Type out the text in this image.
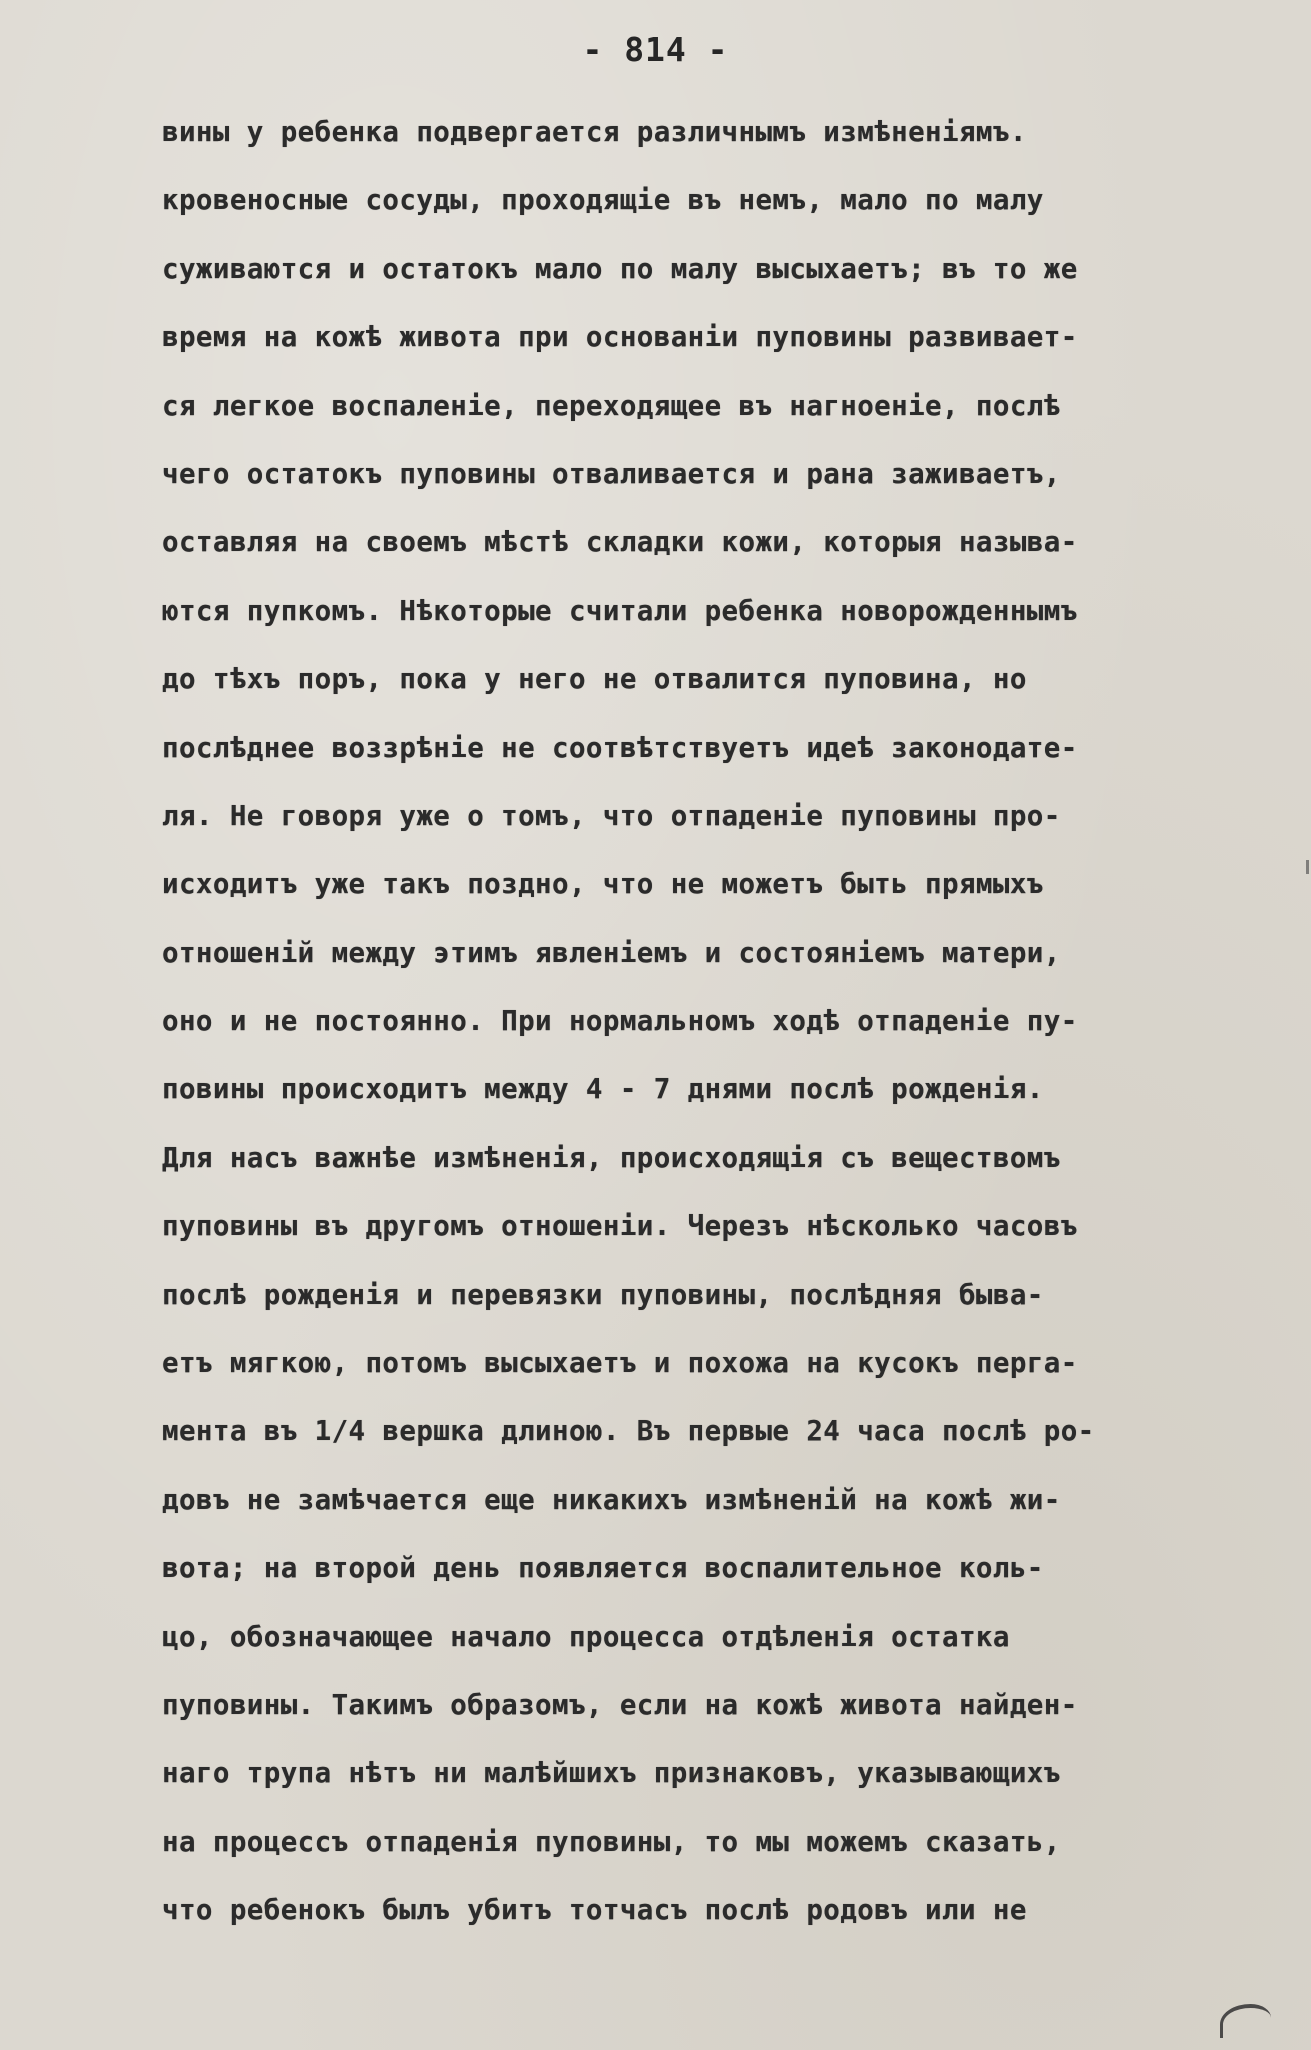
- 814 -
вины у ребенка подвергается различнымъ измѣненiямъ.
кровеносные сосуды, проходящiе въ немъ, мало по малу
суживаются и остатокъ мало по малу высыхаетъ; въ то же
время на кожѣ живота при основанiи пуповины развивает-
ся легкое воспаленiе, переходящее въ нагноенiе, послѣ
чего остатокъ пуповины отваливается и рана заживаетъ,
оставляя на своемъ мѣстѣ складки кожи, которыя называ-
ются пупкомъ. Нѣкоторые считали ребенка новорожденнымъ
до тѣхъ поръ, пока у него не отвалится пуповина, но
послѣднее воззрѣнiе не соотвѣтствуетъ идеѣ законодате-
ля. Не говоря уже о томъ, что отпаденiе пуповины про-
исходитъ уже такъ поздно, что не можетъ быть прямыхъ
отношенiй между этимъ явленiемъ и состоянiемъ матери,
оно и не постоянно. При нормальномъ ходѣ отпаденiе пу-
повины происходитъ между 4 - 7 днями послѣ рожденiя.
Для насъ важнѣе измѣненiя, происходящiя съ веществомъ
пуповины въ другомъ отношенiи. Черезъ нѣсколько часовъ
послѣ рожденiя и перевязки пуповины, послѣдняя быва-
етъ мягкою, потомъ высыхаетъ и похожа на кусокъ перга-
мента въ 1/4 вершка длиною. Въ первые 24 часа послѣ ро-
довъ не замѣчается еще никакихъ измѣненiй на кожѣ жи-
вота; на второй день появляется воспалительное коль-
цо, обозначающее начало процесса отдѣленiя остатка
пуповины. Такимъ образомъ, если на кожѣ живота найден-
наго трупа нѣтъ ни малѣйшихъ признаковъ, указывающихъ
на процессъ отпаденiя пуповины, то мы можемъ сказать,
что ребенокъ былъ убитъ тотчасъ послѣ родовъ или не
